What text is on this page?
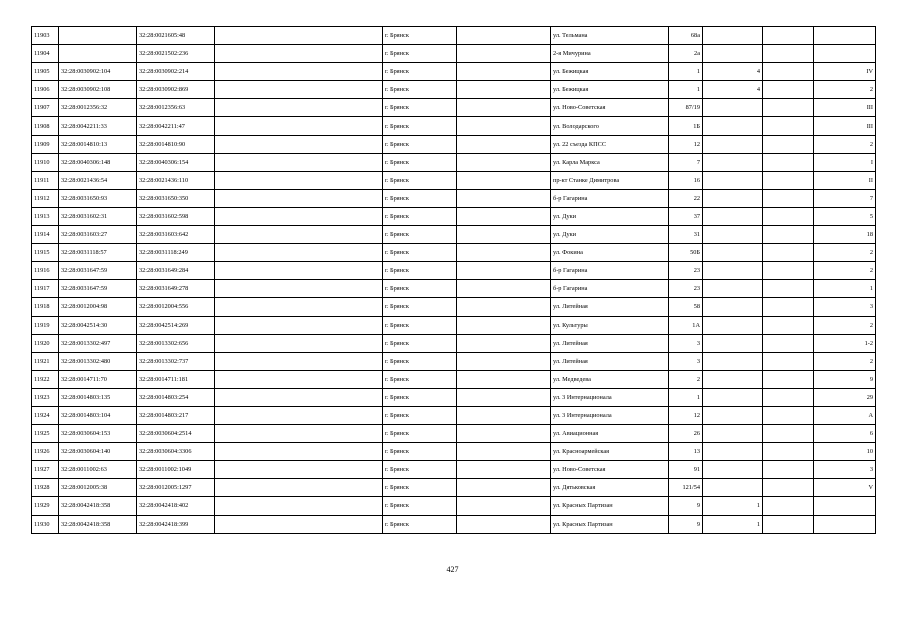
11903		32:28:0021605:48		г. Брянск		ул. Тельмана	68а			
11904		32:28:0021502:236		г. Брянск		2-я Мичурина	2а			
11905	32:28:0030902:104	32:28:0030902:214		г. Брянск		ул. Бежицкая	1	4		IV
11906	32:28:0030902:108	32:28:0030902:869		г. Брянск		ул. Бежицкая	1	4		2
11907	32:28:0012356:32	32:28:0012356:63		г. Брянск		ул. Ново-Советская	87/19			III
11908	32:28:0042211:33	32:28:0042211:47		г. Брянск		ул. Володарского	1Б			III
11909	32:28:0014810:13	32:28:0014810:90		г. Брянск		ул. 22 съезда КПСС	12			2
11910	32:28:0040306:148	32:28:0040306:154		г. Брянск		ул. Карла Маркса	7			I
11911	32:28:0021436:54	32:28:0021436:110		г. Брянск		пр-кт Станке Димитрова	16			II
11912	32:28:0031650:93	32:28:0031650:350		г. Брянск		б-р Гагарина	22			7
11913	32:28:0031602:31	32:28:0031602:598		г. Брянск		ул. Дуки	37			5
11914	32:28:0031603:27	32:28:0031603:642		г. Брянск		ул. Дуки	31			18
11915	32:28:0031118:57	32:28:0031118:249		г. Брянск		ул. Фокина	50Б			2
11916	32:28:0031647:59	32:28:0031649:284		г. Брянск		б-р Гагарина	23			2
11917	32:28:0031647:59	32:28:0031649:278		г. Брянск		б-р Гагарина	23			1
11918	32:28:0012004:98	32:28:0012004:556		г. Брянск		ул. Литейная	58			3
11919	32:28:0042514:30	32:28:0042514:269		г. Брянск		ул. Культуры	1А			2
11920	32:28:0013302:497	32:28:0013302:656		г. Брянск		ул. Литейная	3			1-2
11921	32:28:0013302:480	32:28:0013302:737		г. Брянск		ул. Литейная	3			2
11922	32:28:0014711:70	32:28:0014711:181		г. Брянск		ул. Медведева	2			9
11923	32:28:0014803:135	32:28:0014803:254		г. Брянск		ул. 3 Интернационала	1			29
11924	32:28:0014803:104	32:28:0014803:217		г. Брянск		ул. 3 Интернационала	12			А
11925	32:28:0030604:153	32:28:0030604:2514		г. Брянск		ул. Авиационная	26			6
11926	32:28:0030604:140	32:28:0030604:3306		г. Брянск		ул. Красноармейская	13			10
11927	32:28:0011002:63	32:28:0011002:1049		г. Брянск		ул. Ново-Советская	91			3
11928	32:28:0012005:38	32:28:0012005:1297		г. Брянск		ул. Дятьковская	121/54			V
11929	32:28:0042418:358	32:28:0042418:402		г. Брянск		ул. Красных Партизан	9	1		
11930	32:28:0042418:358	32:28:0042418:399		г. Брянск		ул. Красных Партизан	9	1		
427
